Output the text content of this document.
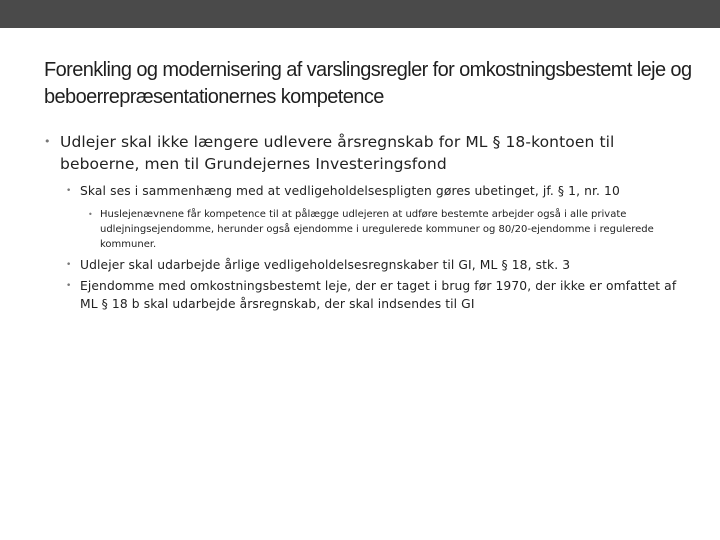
Forenkling og modernisering af varslingsregler for omkostningsbestemt leje og beboerrepræsentationernes kompetence
• Udlejer skal ikke længere udlevere årsregnskab for ML § 18-kontoen til beboerne, men til Grundejernes Investeringsfond
• Skal ses i sammenhæng med at vedligeholdelsespligten gøres ubetinget, jf. § 1, nr. 10
• Huslejenævnene får kompetence til at pålægge udlejeren at udføre bestemte arbejder også i alle private udlejningsejendomme, herunder også ejendomme i uregulerede kommuner og 80/20-ejendomme i regulerede kommuner.
• Udlejer skal udarbejde årlige vedligeholdelsesregnskaber til GI, ML § 18, stk. 3
• Ejendomme med omkostningsbestemt leje, der er taget i brug før 1970, der ikke er omfattet af ML § 18 b skal udarbejde årsregnskab, der skal indsendes til GI
